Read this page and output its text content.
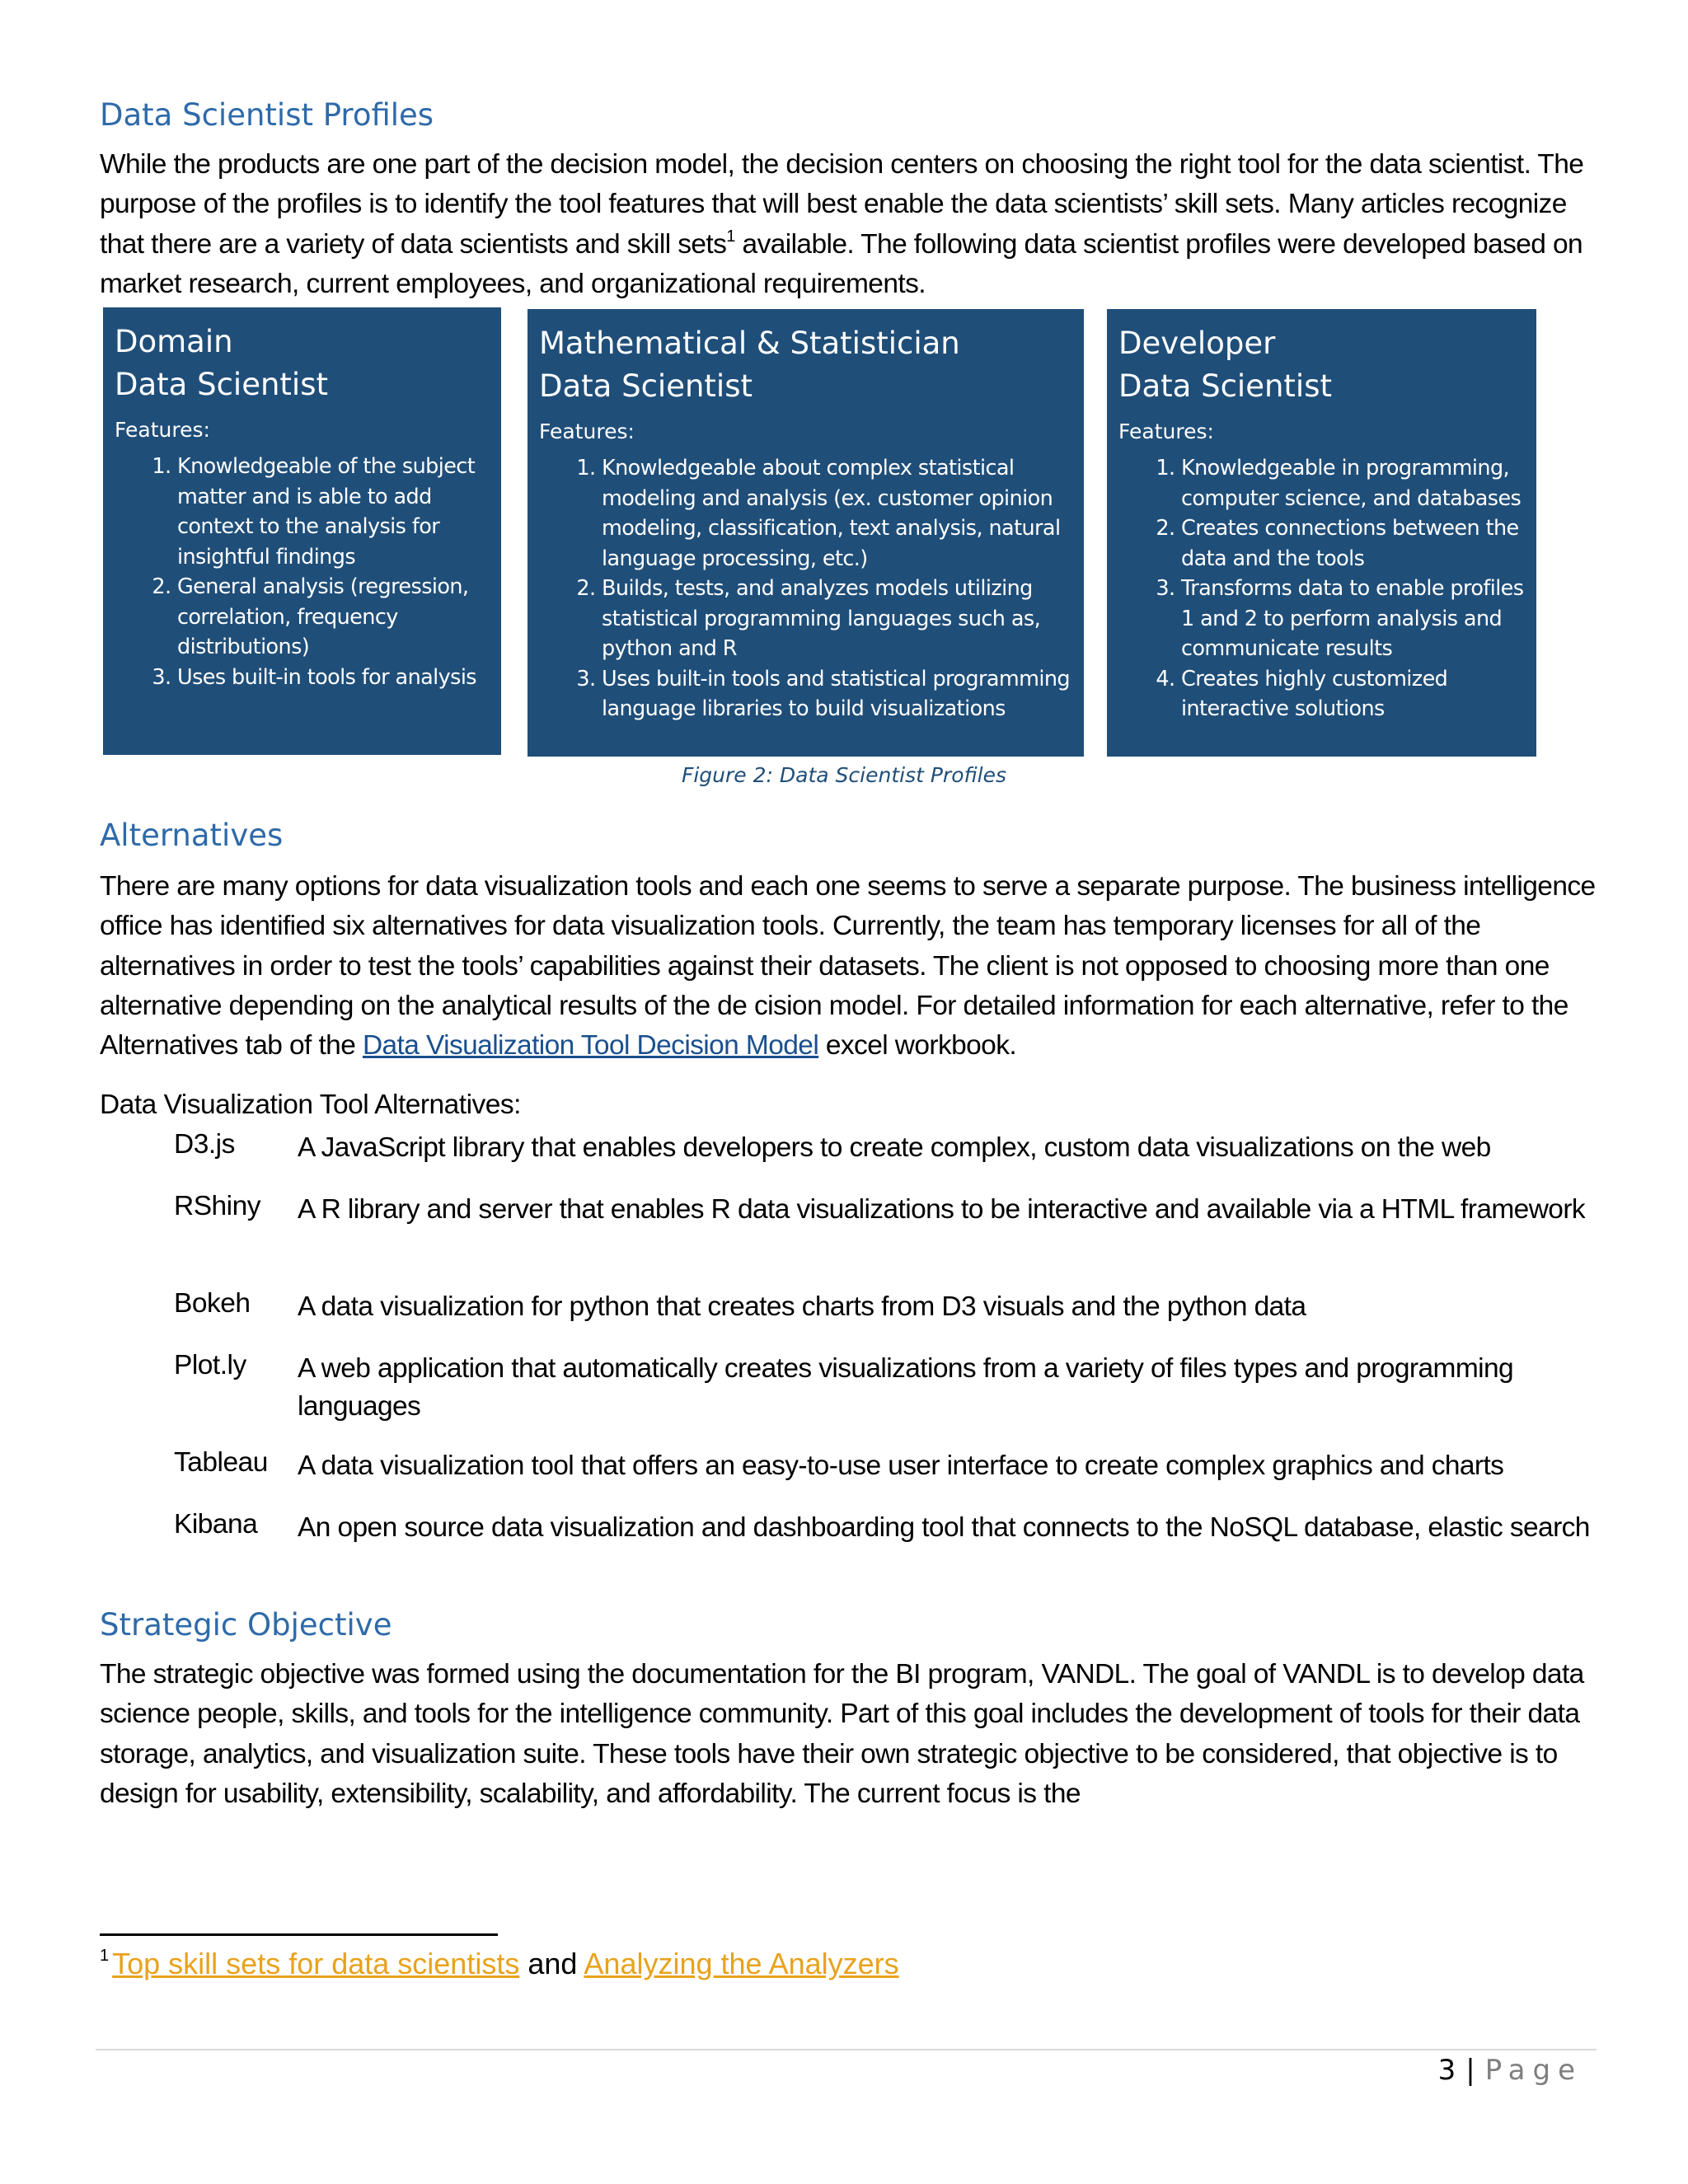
Data Scientist Profiles

While the products are one part of the decision model, the decision centers on choosing the right tool for the data scientist. The purpose of the profiles is to identify the tool features that will best enable the data scientists’ skill sets. Many articles recognize that there are a variety of data scientists and skill sets$^1$ available. The following data scientist profiles were developed based on market research, current employees, and organizational requirements.

Domain
Data Scientist
Features:
1. Knowledgeable of the subject matter and is able to add context to the analysis for insightful findings
2. General analysis (regression, correlation, frequency distributions)
3. Uses built-in tools for analysis
Mathematical & Statistician
Data Scientist
Features:
1. Knowledgeable about complex statistical modeling and analysis (ex. customer opinion modeling, classification, text analysis, natural language processing, etc.)
2. Builds, tests, and analyzes models utilizing statistical programming languages such as, python and R
3. Uses built-in tools and statistical programming language libraries to build visualizations
Developer
Data Scientist
Features:
1. Knowledgeable in programming, computer science, and databases
2. Creates connections between the data and the tools
3. Transforms data to enable profiles 1 and 2 to perform analysis and communicate results
4. Creates highly customized interactive solutions
Figure 2: Data Scientist Profiles
Alternatives

There are many options for data visualization tools and each one seems to serve a separate purpose. The business intelligence office has identified six alternatives for data visualization tools. Currently, the team has temporary licenses for all of the alternatives in order to test the tools’ capabilities against their datasets. The client is not opposed to choosing more than one alternative depending on the analytical results of the de cision model. For detailed information for each alternative, refer to the Alternatives tab of the Data Visualization Tool Decision Model excel workbook.

Data Visualization Tool Alternatives:
D3.js A JavaScript library that enables developers to create complex, custom data visualizations on the web
RShiny A R library and server that enables R data visualizations to be interactive and available via a HTML framework
Bokeh A data visualization for python that creates charts from D3 visuals and the python data
Plot.ly A web application that automatically creates visualizations from a variety of files types and programming languages
Tableau A data visualization tool that offers an easy-to-use user interface to create complex graphics and charts
Kibana An open source data visualization and dashboarding tool that connects to the NoSQL database, elastic search
Strategic Objective

The strategic objective was formed using the documentation for the BI program, VANDL. The goal of VANDL is to develop data science people, skills, and tools for the intelligence community. Part of this goal includes the development of tools for their data storage, analytics, and visualization suite. These tools have their own strategic objective to be considered, that objective is to design for usability, extensibility, scalability, and affordability. The current focus is the

$^1$ Top skill sets for data scientists and Analyzing the Analyzers
3 | Page
